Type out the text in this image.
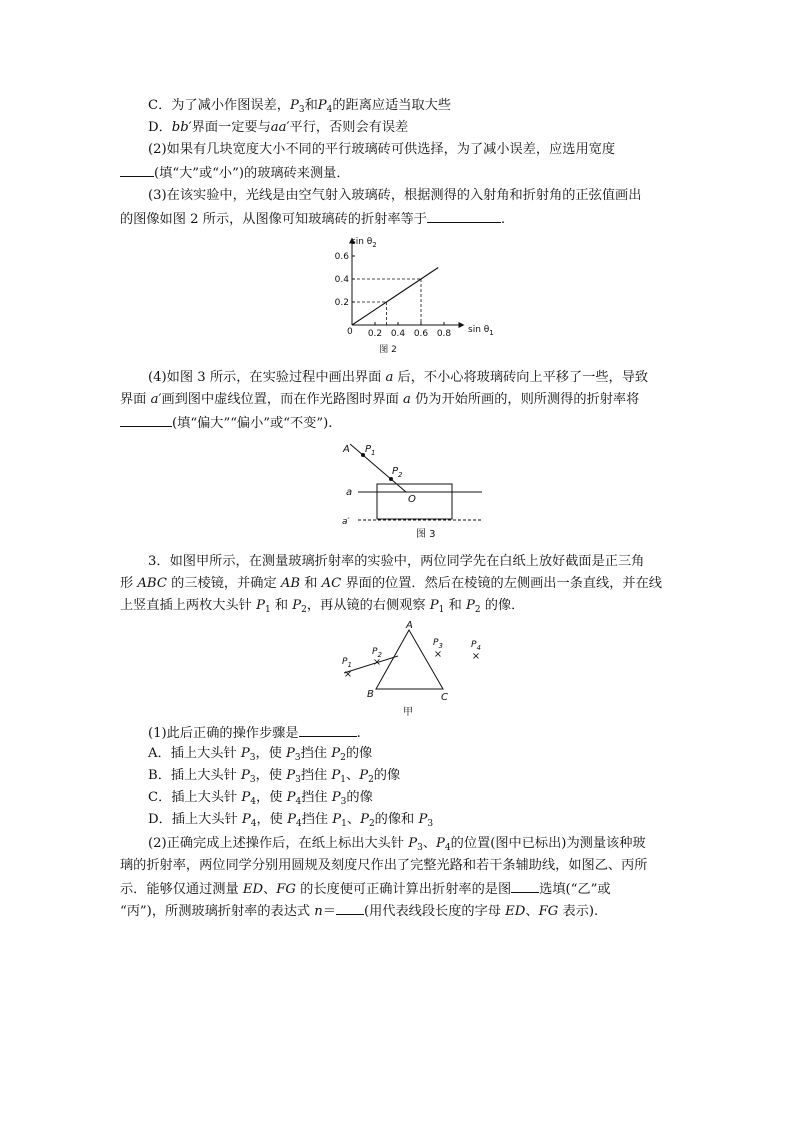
C．为了减小作图误差，$P_3$和$P_4$的距离应适当取大些
D．bb′界面一定要与aa′平行，否则会有误差
(2)如果有几块宽度大小不同的平行玻璃砖可供选择，为了减小误差，应选用宽度
(填“大”或“小”)的玻璃砖来测量．
(3)在该实验中，光线是由空气射入玻璃砖，根据测得的入射角和折射角的正弦值画出
的图像如图 2 所示，从图像可知玻璃砖的折射率等于	.
0.2 0.4 0.6 0.8
0.2
0.4
0.6
$\sin \theta_2$
$\sin \theta_1$
0
图 2
(4)如图 3 所示，在实验过程中画出界面 a 后，不小心将玻璃砖向上平移了一些，导致
界面 a′画到图中虚线位置，而在作光路图时界面 a 仍为开始所画的，则所测得的折射率将
(填“偏大”“偏小”或“不变”).
A $P_1$
$P_2$
a
a′
O
图 3
3．如图甲所示，在测量玻璃折射率的实验中，两位同学先在白纸上放好截面是正三角
形 ABC 的三棱镜，并确定 AB 和 AC 界面的位置．然后在棱镜的左侧画出一条直线，并在线
上竖直插上两枚大头针 $P_1$ 和 $P_2$，再从镜的右侧观察 $P_1$ 和 $P_2$ 的像．
×
×
×	×
A
B	C
$P_1$
$P_2$
$P_3$	$P_4$
甲
(1)此后正确的操作步骤是	.
A．插上大头针 $P_3$，使 $P_3$挡住 $P_2$的像
B．插上大头针 $P_3$，使 $P_3$挡住 $P_1$、$P_2$的像
C．插上大头针 $P_4$，使 $P_4$挡住 $P_3$的像
D．插上大头针 $P_4$，使 $P_4$挡住 $P_1$、$P_2$的像和 $P_3$
(2)正确完成上述操作后，在纸上标出大头针 $P_3$、$P_4$的位置(图中已标出)为测量该种玻
璃的折射率，两位同学分别用圆规及刻度尺作出了完整光路和若干条辅助线，如图乙、丙所
示．能够仅通过测量 ED、FG 的长度便可正确计算出折射率的是图 选填(“乙”或
“丙”)，所测玻璃折射率的表达式 n＝ (用代表线段长度的字母 ED、FG 表示).
